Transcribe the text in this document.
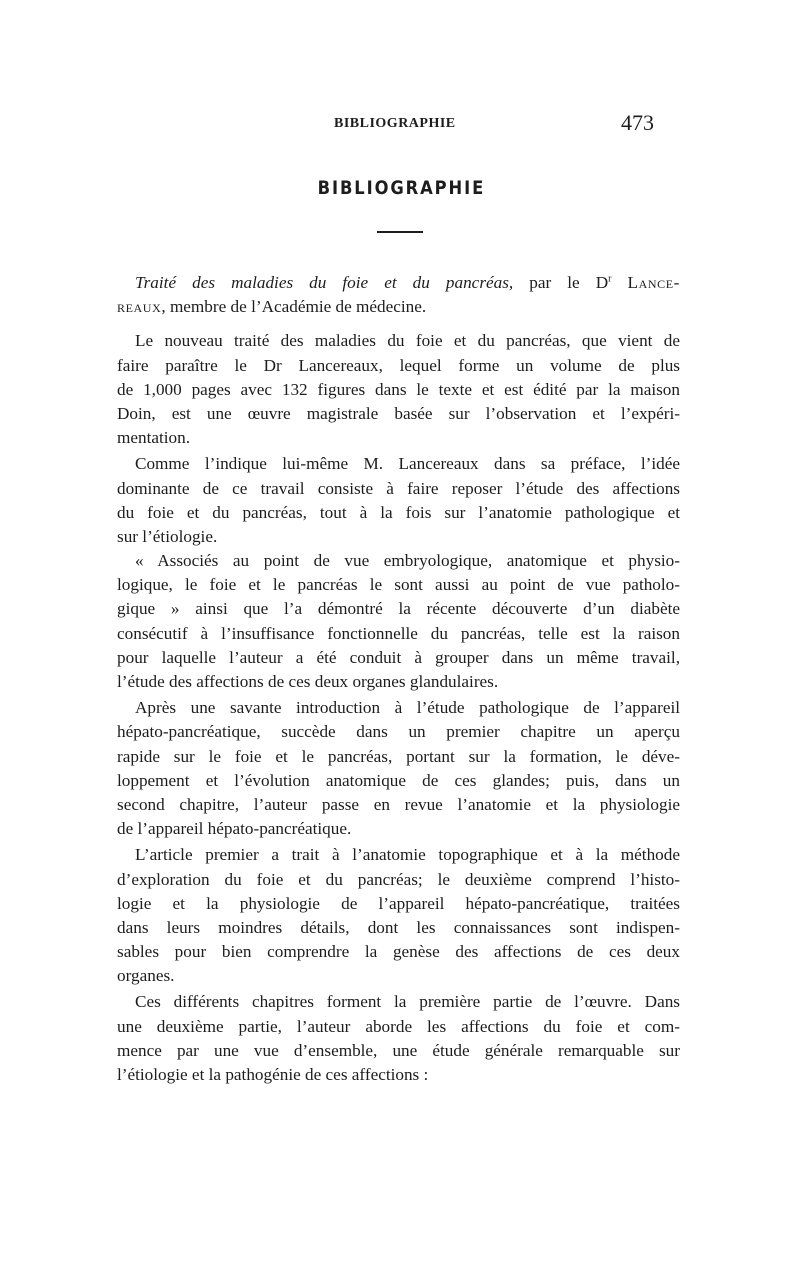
BIBLIOGRAPHIE	473
BIBLIOGRAPHIE
Traité des maladies du foie et du pancréas, par le $D^r$ Lance-
reaux, membre de l’Académie de médecine.
Le nouveau traité des maladies du foie et du pancréas, que vient de
faire paraître le Dr Lancereaux, lequel forme un volume de plus
de 1,000 pages avec 132 figures dans le texte et est édité par la maison
Doin, est une œuvre magistrale basée sur l’observation et l’expéri-
mentation.
Comme l’indique lui-même M. Lancereaux dans sa préface, l’idée
dominante de ce travail consiste à faire reposer l’étude des affections
du foie et du pancréas, tout à la fois sur l’anatomie pathologique et
sur l’étiologie.
« Associés au point de vue embryologique, anatomique et physio-
logique, le foie et le pancréas le sont aussi au point de vue patholo-
gique » ainsi que l’a démontré la récente découverte d’un diabète
consécutif à l’insuffisance fonctionnelle du pancréas, telle est la raison
pour laquelle l’auteur a été conduit à grouper dans un même travail,
l’étude des affections de ces deux organes glandulaires.
Après une savante introduction à l’étude pathologique de l’appareil
hépato-pancréatique, succède dans un premier chapitre un aperçu
rapide sur le foie et le pancréas, portant sur la formation, le déve-
loppement et l’évolution anatomique de ces glandes; puis, dans un
second chapitre, l’auteur passe en revue l’anatomie et la physiologie
de l’appareil hépato-pancréatique.
L’article premier a trait à l’anatomie topographique et à la méthode
d’exploration du foie et du pancréas; le deuxième comprend l’histo-
logie et la physiologie de l’appareil hépato-pancréatique, traitées
dans leurs moindres détails, dont les connaissances sont indispen-
sables pour bien comprendre la genèse des affections de ces deux
organes.
Ces différents chapitres forment la première partie de l’œuvre. Dans
une deuxième partie, l’auteur aborde les affections du foie et com-
mence par une vue d’ensemble, une étude générale remarquable sur
l’étiologie et la pathogénie de ces affections :
